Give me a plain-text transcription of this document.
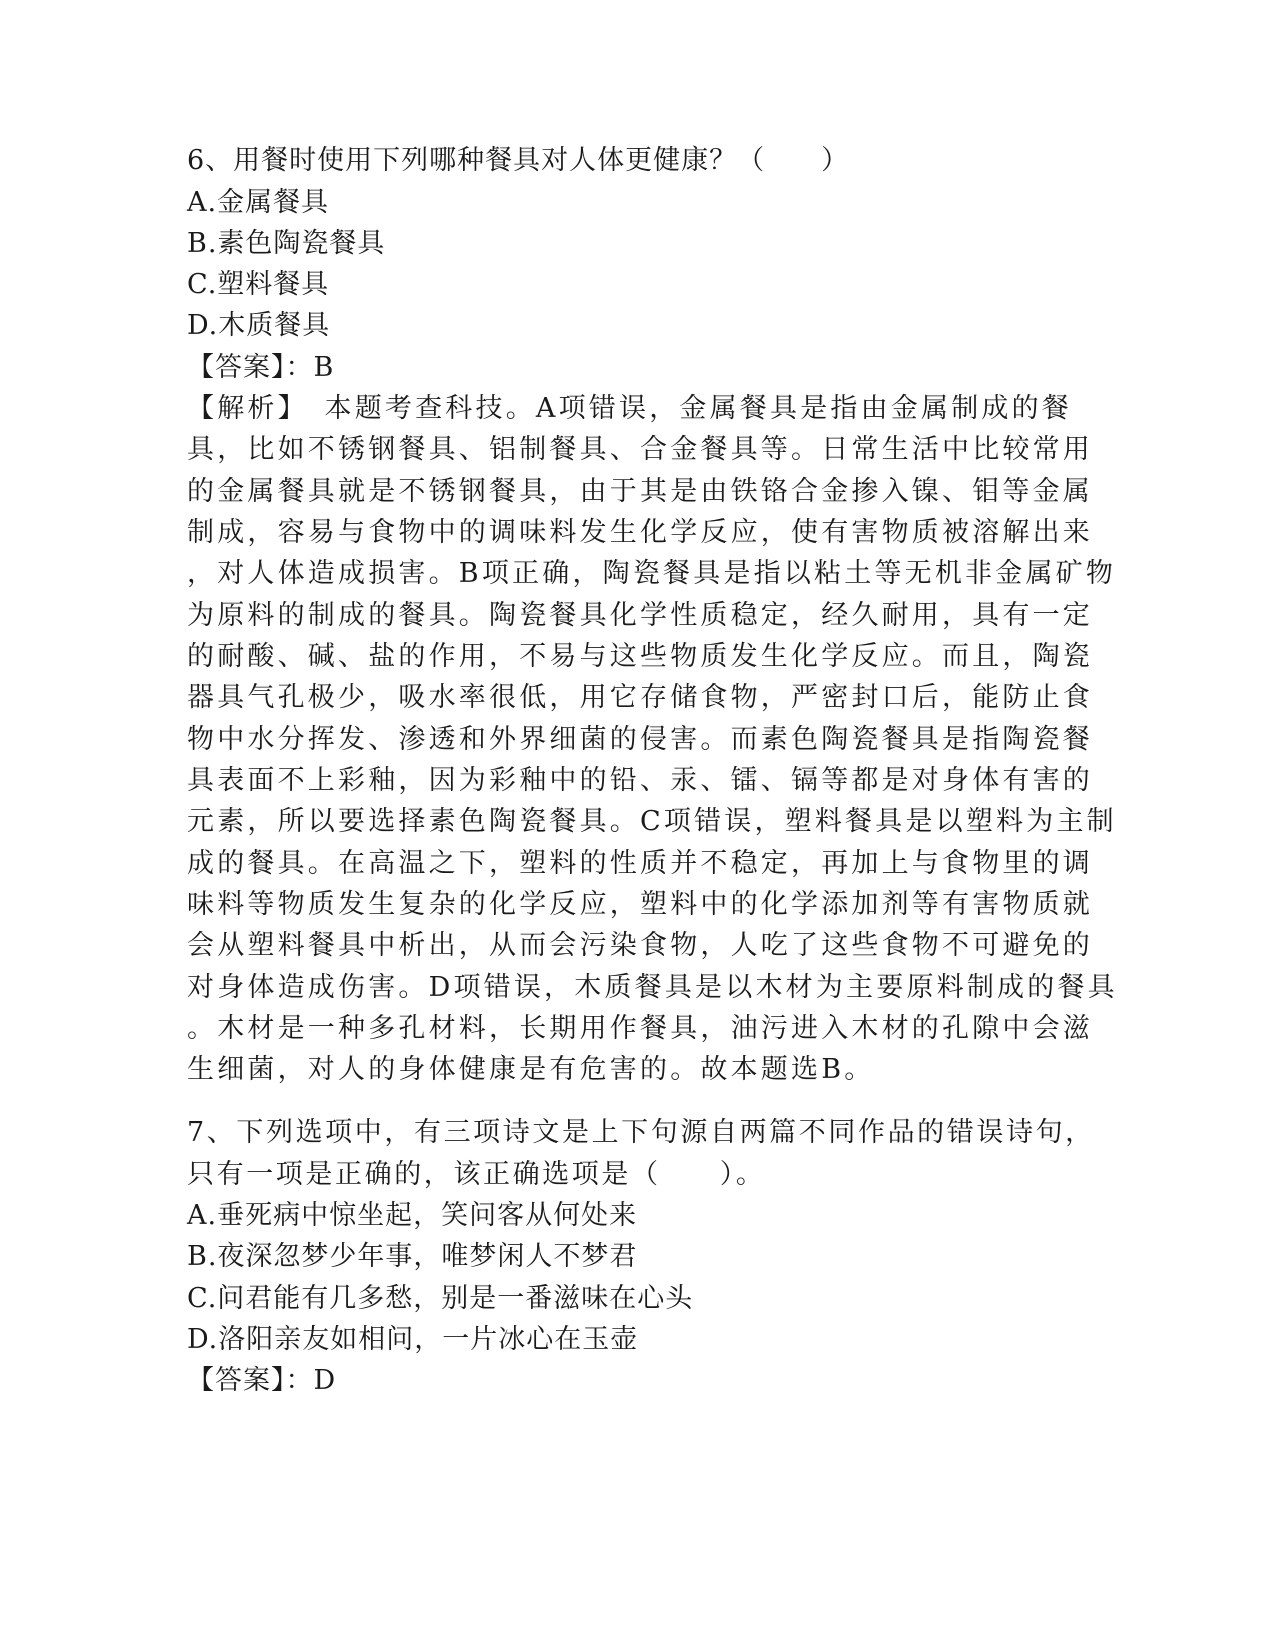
6、用餐时使用下列哪种餐具对人体更健康？（　　）
A.金属餐具
B.素色陶瓷餐具
C.塑料餐具
D.木质餐具
【答案】：B
【解析】　本题考查科技。A项错误，金属餐具是指由金属制成的餐
具，比如不锈钢餐具、铝制餐具、合金餐具等。日常生活中比较常用
的金属餐具就是不锈钢餐具，由于其是由铁铬合金掺入镍、钼等金属
制成，容易与食物中的调味料发生化学反应，使有害物质被溶解出来
，对人体造成损害。B项正确，陶瓷餐具是指以粘土等无机非金属矿物
为原料的制成的餐具。陶瓷餐具化学性质稳定，经久耐用，具有一定
的耐酸、碱、盐的作用，不易与这些物质发生化学反应。而且，陶瓷
器具气孔极少，吸水率很低，用它存储食物，严密封口后，能防止食
物中水分挥发、渗透和外界细菌的侵害。而素色陶瓷餐具是指陶瓷餐
具表面不上彩釉，因为彩釉中的铅、汞、镭、镉等都是对身体有害的
元素，所以要选择素色陶瓷餐具。C项错误，塑料餐具是以塑料为主制
成的餐具。在高温之下，塑料的性质并不稳定，再加上与食物里的调
味料等物质发生复杂的化学反应，塑料中的化学添加剂等有害物质就
会从塑料餐具中析出，从而会污染食物，人吃了这些食物不可避免的
对身体造成伤害。D项错误，木质餐具是以木材为主要原料制成的餐具
。木材是一种多孔材料，长期用作餐具，油污进入木材的孔隙中会滋
生细菌，对人的身体健康是有危害的。故本题选B。
7、下列选项中，有三项诗文是上下句源自两篇不同作品的错误诗句，
只有一项是正确的，该正确选项是（　　）。
A.垂死病中惊坐起，笑问客从何处来
B.夜深忽梦少年事，唯梦闲人不梦君
C.问君能有几多愁，别是一番滋味在心头
D.洛阳亲友如相问，一片冰心在玉壶
【答案】：D
